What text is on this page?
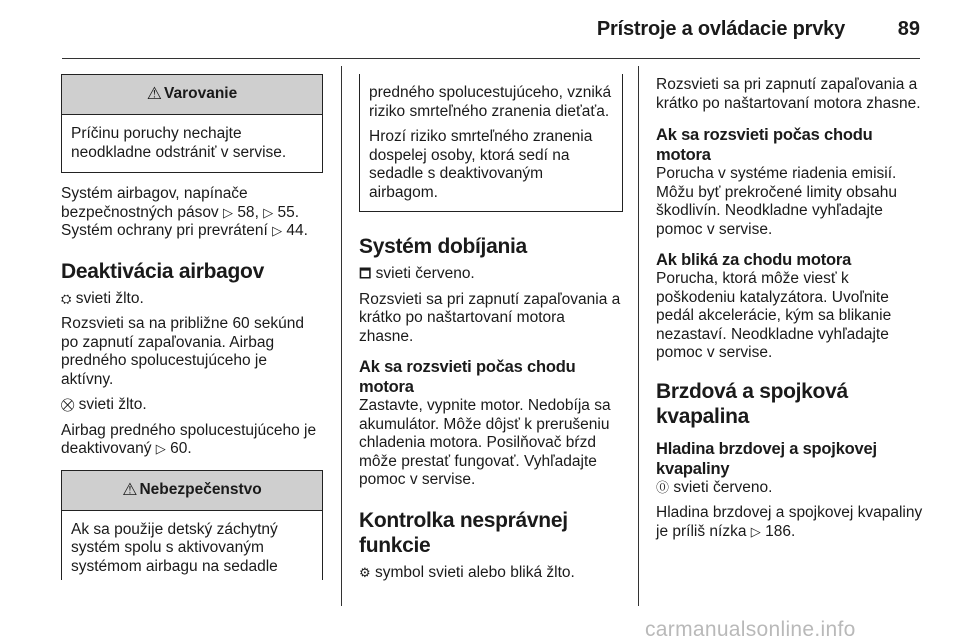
Prístroje a ovládacie prvky	89
⚠ Varovanie
Príčinu poruchy nechajte neodkladne odstrániť v servise.

Systém airbagov, napínače bezpečnostných pásov ▷ 58, ▷ 55.

Systém ochrany pri prevrátení ▷ 44.

Deaktivácia airbagov

⛭ svieti žlto.

Rozsvieti sa na približne 60 sekúnd po zapnutí zapaľovania. Airbag predného spolucestujúceho je aktívny.

⛒ svieti žlto.

Airbag predného spolucestujúceho je deaktivovaný ▷ 60.

⚠ Nebezpečenstvo
Ak sa použije detský záchytný systém spolu s aktivovaným systémom airbagu na sedadle

predného spolucestujúceho, vzniká riziko smrteľného zranenia dieťaťa.

Hrozí riziko smrteľného zranenia dospelej osoby, ktorá sedí na sedadle s deaktivovaným airbagom.

Systém dobíjania

🗖 svieti červeno.

Rozsvieti sa pri zapnutí zapaľovania a krátko po naštartovaní motora zhasne.

Ak sa rozsvieti počas chodu motora

Zastavte, vypnite motor. Nedobíja sa akumulátor. Môže dôjsť k prerušeniu chladenia motora. Posilňovač bŕzd môže prestať fungovať. Vyhľadajte pomoc v servise.

Kontrolka nesprávnej funkcie

⚙ symbol svieti alebo bliká žlto.

Rozsvieti sa pri zapnutí zapaľovania a krátko po naštartovaní motora zhasne.

Ak sa rozsvieti počas chodu motora

Porucha v systéme riadenia emisií. Môžu byť prekročené limity obsahu škodlivín. Neodkladne vyhľadajte pomoc v servise.

Ak bliká za chodu motora

Porucha, ktorá môže viesť k poškodeniu katalyzátora. Uvoľnite pedál akcelerácie, kým sa blikanie nezastaví. Neodkladne vyhľadajte pomoc v servise.

Brzdová a spojková kvapalina
Hladina brzdovej a spojkovej kvapaliny

⓪ svieti červeno.

Hladina brzdovej a spojkovej kvapaliny je príliš nízka ▷ 186.

carmanualsonline.info
